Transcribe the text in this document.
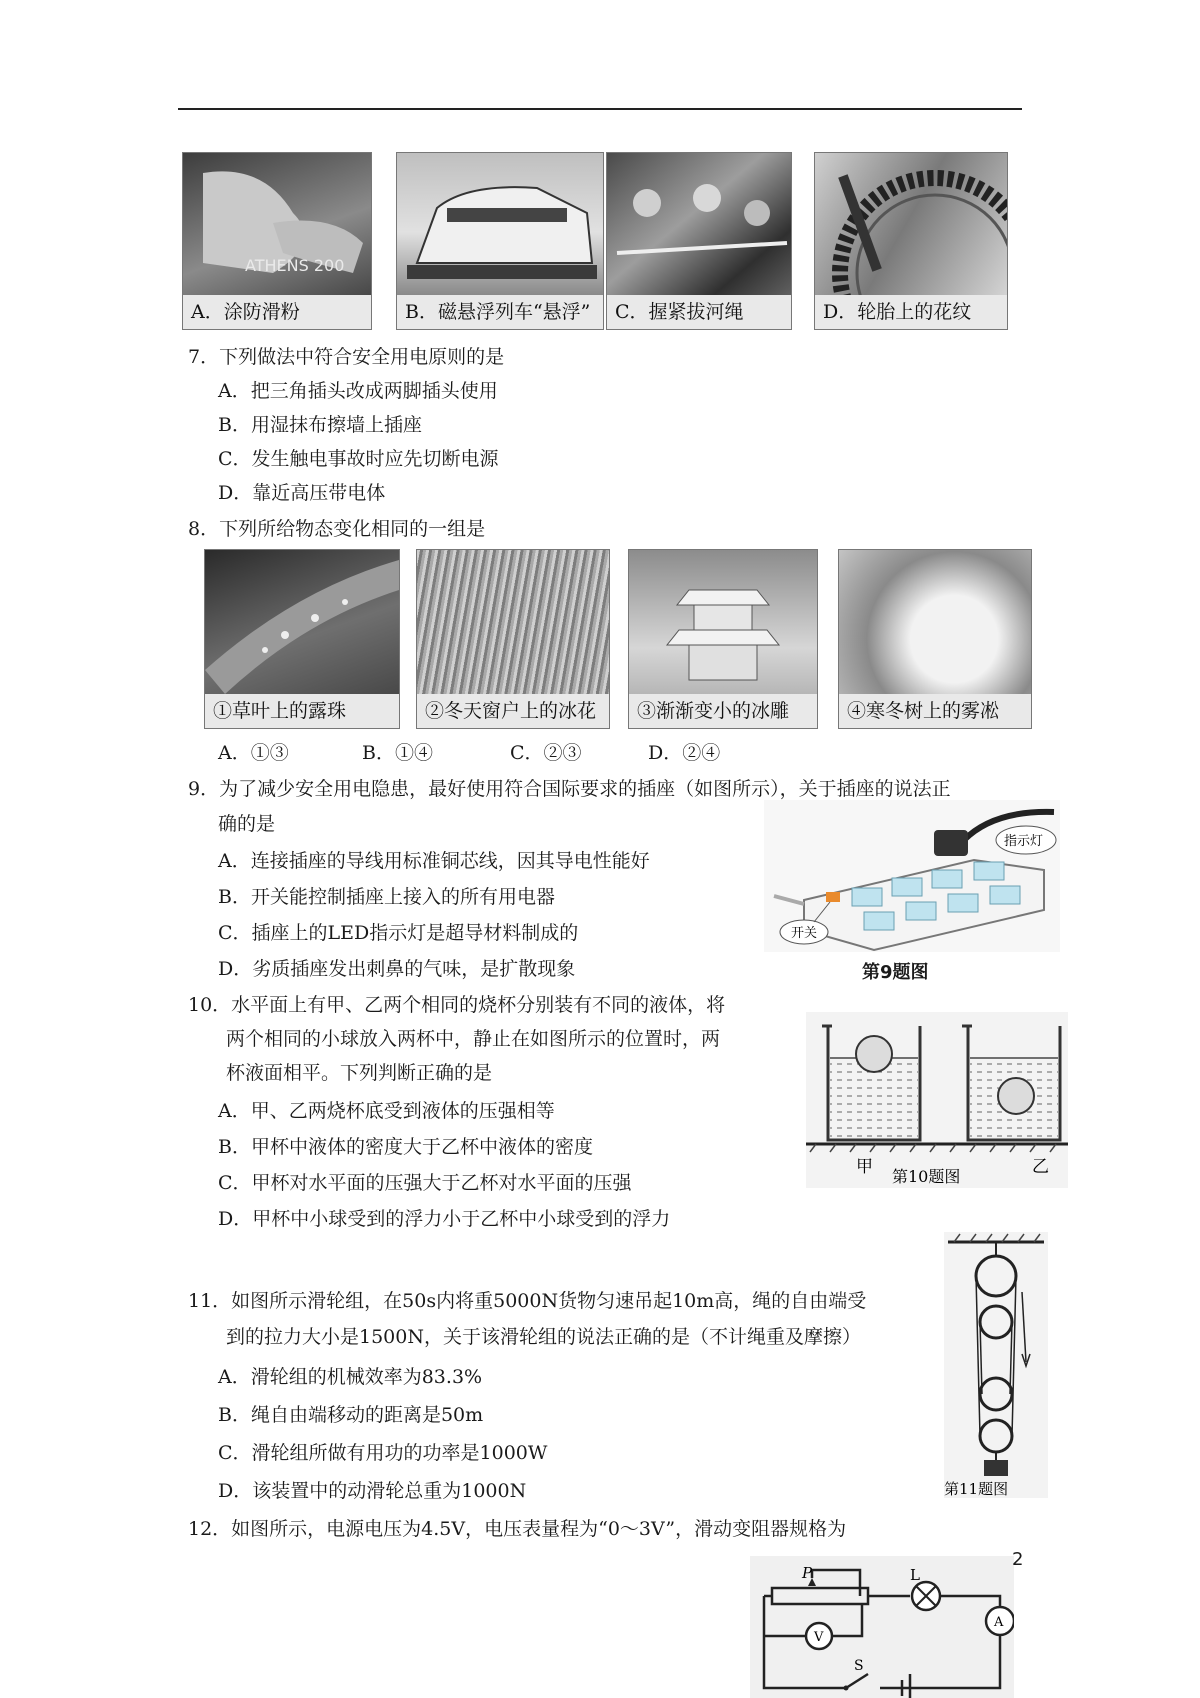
ATHENS 200
A．涂防滑粉	B．磁悬浮列车“悬浮”	C．握紧拔河绳	D．轮胎上的花纹
7．下列做法中符合安全用电原则的是
A．把三角插头改成两脚插头使用
B．用湿抹布擦墙上插座
C．发生触电事故时应先切断电源
D．靠近高压带电体
8．下列所给物态变化相同的一组是
①草叶上的露珠	②冬天窗户上的冰花	③渐渐变小的冰雕	④寒冬树上的雾凇
A．①③	B．①④	C．②③	D．②④
9．为了减少安全用电隐患，最好使用符合国际要求的插座（如图所示），关于插座的说法正
确的是
A．连接插座的导线用标准铜芯线，因其导电性能好
B．开关能控制插座上接入的所有用电器
C．插座上的LED指示灯是超导材料制成的
D．劣质插座发出刺鼻的气味，是扩散现象
指示灯
开关
第9题图
10．水平面上有甲、乙两个相同的烧杯分别装有不同的液体，将
两个相同的小球放入两杯中，静止在如图所示的位置时，两
杯液面相平。下列判断正确的是
A．甲、乙两烧杯底受到液体的压强相等
B．甲杯中液体的密度大于乙杯中液体的密度
C．甲杯对水平面的压强大于乙杯对水平面的压强
D．甲杯中小球受到的浮力小于乙杯中小球受到的浮力
甲	乙
第10题图
11．如图所示滑轮组，在50s内将重5000N货物匀速吊起10m高，绳的自由端受
到的拉力大小是1500N，关于该滑轮组的说法正确的是（不计绳重及摩擦）
A．滑轮组的机械效率为83.3%
B．绳自由端移动的距离是50m
C．滑轮组所做有用功的功率是1000W
D．该装置中的动滑轮总重为1000N	第11题图
12．如图所示，电源电压为4.5V，电压表量程为“0～3V”，滑动变阻器规格为
P	L
V
A
S
2
